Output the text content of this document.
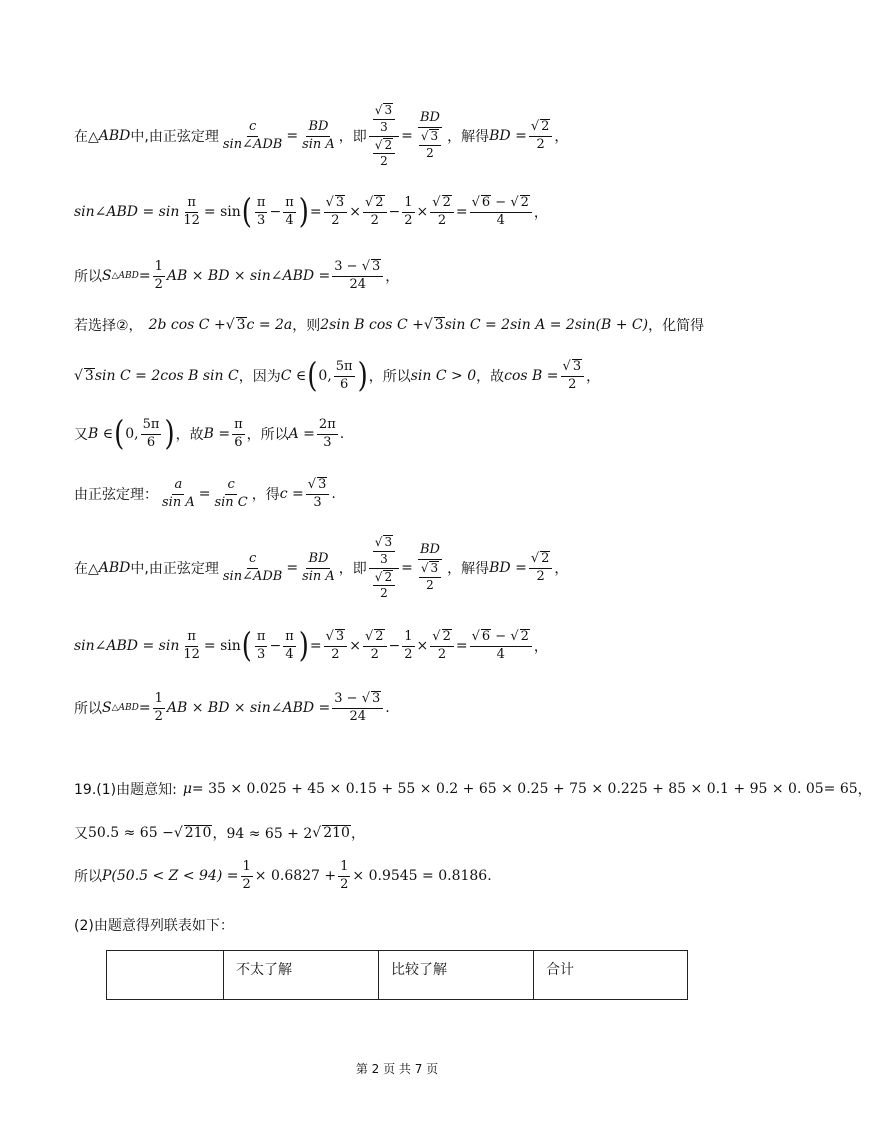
在△ ABD 中,由正弦定理 $\frac{c}{\text{sin∠ADB}} = \frac{BD}{\text{sin A}}$ ，即 $\frac{\frac{√ 3}{3}}{\frac{√ 2}{2}} = \frac{BD}{\frac{√ 3}{2}}$ ，解得 BD = $\frac{√ 2}{2}$ ，
sin∠ABD = $\sin \frac{\pi}{12} = \sin$ ( $\frac{\pi}{3} - \frac{\pi}{4}$ ) = $\frac{√ 3}{2} \times \frac{√ 2}{2} - \frac{1}{2} \times \frac{√ 2}{2} = \frac{√ 6 - √ 2}{4}$ ，
所以 S △ABD = $\frac{1}{2}$ AB × BD × sin∠ABD = $\frac{3 - √ 3}{24}$ ，
若选择②， 2b cos C + √ 3 c = 2a ，则 2sin B cos C + √ 3 sin C = 2sin A = 2sin(B + C) ，化简得
√ 3 sin C = 2cos B sin C ，因为 C ∈ ( 0, $\frac{5\pi}{6}$ ) ，所以 sin C > 0 ，故 $\cos B = \frac{√ 3}{2}$ ，
又 B ∈ ( 0, $\frac{5\pi}{6}$ ) ，故 $B = \frac{\pi}{6}$ ，所以 $A = \frac{2\pi}{3}$ .
由正弦定理： $\frac{a}{\text{sin A}} = \frac{c}{\text{sin C}}$ ，得 $c = \frac{√ 3}{3}$ .
在△ ABD 中,由正弦定理 $\frac{c}{\text{sin∠ADB}} = \frac{BD}{\text{sin A}}$ ，即 $\frac{\frac{√ 3}{3}}{\frac{√ 2}{2}} = \frac{BD}{\frac{√ 3}{2}}$ ，解得 BD = $\frac{√ 2}{2}$ ，
sin∠ABD = $\sin \frac{\pi}{12} = \sin$ ( $\frac{\pi}{3} - \frac{\pi}{4}$ ) = $\frac{√ 3}{2} \times \frac{√ 2}{2} - \frac{1}{2} \times \frac{√ 2}{2} = \frac{√ 6 - √ 2}{4}$ ，
所以 S △ABD = $\frac{1}{2}$ AB × BD × sin∠ABD = $\frac{3 - √ 3}{24}$ .
19.(1)由题意知: μ = 35 × 0.025 + 45 × 0.15 + 55 × 0.2 + 65 × 0.25 + 75 × 0.225 + 85 × 0.1 + 95 × 0. 05= 65 ，
又 50.5 ≈ 65 − √ 210 ，94 ≈ 65 + 2 √ 210 ，
所以 $P(50.5 < Z < 94) = \frac{1}{2} \times 0.6827 + \frac{1}{2} \times 0.9545 = 0.8186$ .
(2)由题意得列联表如下：
	不太了解	比较了解	合计
第 2 页 共 7 页
